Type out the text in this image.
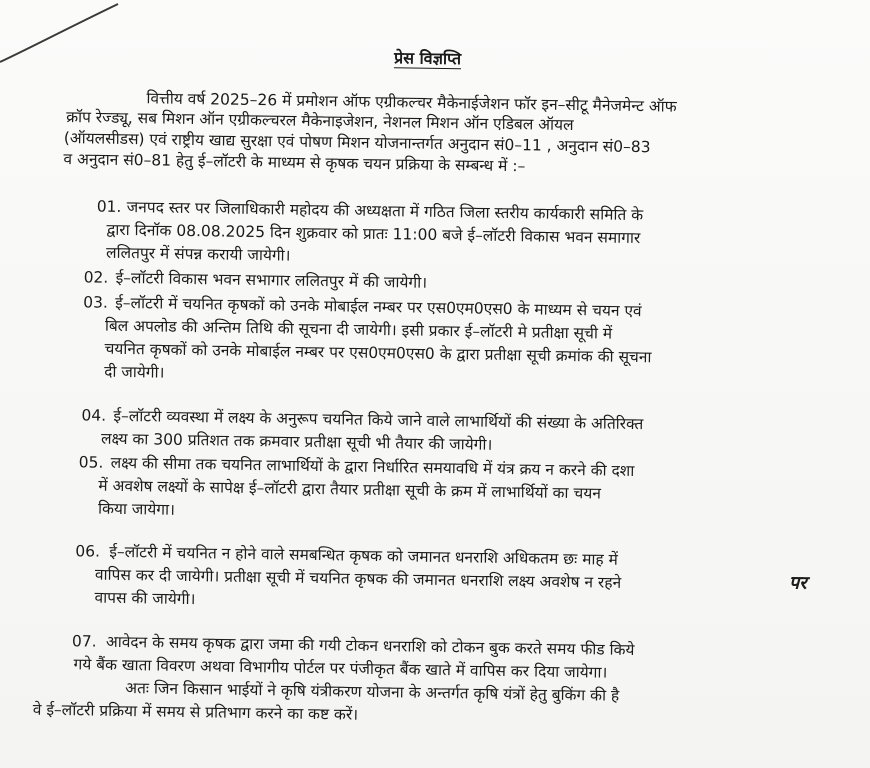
प्रेस विज्ञप्ति
वित्तीय वर्ष 2025–26 में प्रमोशन ऑफ एग्रीकल्चर मैकेनाईजेशन फॉर इन–सीटू मैनेजमेन्ट ऑफ
क्रॉप रेज्ड्यू, सब मिशन ऑन एग्रीकल्चरल मैकेनाइजेशन, नेशनल मिशन ऑन एडिबल ऑयल
(ऑयलसीडस) एवं राष्ट्रीय खाद्य सुरक्षा एवं पोषण मिशन योजनान्तर्गत अनुदान सं0–11 , अनुदान सं0–83
व अनुदान सं0–81 हेतु ई–लॉटरी के माध्यम से कृषक चयन प्रक्रिया के सम्बन्ध में :–
01. जनपद स्तर पर जिलाधिकारी महोदय की अध्यक्षता में गठित जिला स्तरीय कार्यकारी समिति के
द्वारा दिनॉक 08.08.2025 दिन शुक्रवार को प्रातः 11:00 बजे ई–लॉटरी विकास भवन समागार
ललितपुर में संपन्न करायी जायेगी।
02. ई–लॉटरी विकास भवन सभागार ललितपुर में की जायेगी।
03. ई–लॉटरी में चयनित कृषकों को उनके मोबाईल नम्बर पर एस0एम0एस0 के माध्यम से चयन एवं
बिल अपलोड की अन्तिम तिथि की सूचना दी जायेगी। इसी प्रकार ई–लॉटरी मे प्रतीक्षा सूची में
चयनित कृषकों को उनके मोबाईल नम्बर पर एस0एम0एस0 के द्वारा प्रतीक्षा सूची क्रमांक की सूचना
दी जायेगी।
04. ई–लॉटरी व्यवस्था में लक्ष्य के अनुरूप चयनित किये जाने वाले लाभार्थियों की संख्या के अतिरिक्त
लक्ष्य का 300 प्रतिशत तक क्रमवार प्रतीक्षा सूची भी तैयार की जायेगी।
05. लक्ष्य की सीमा तक चयनित लाभार्थियों के द्वारा निर्धारित समयावधि में यंत्र क्रय न करने की दशा
में अवशेष लक्ष्यों के सापेक्ष ई–लॉटरी द्वारा तैयार प्रतीक्षा सूची के क्रम में लाभार्थियों का चयन
किया जायेगा।
06. ई–लॉटरी में चयनित न होने वाले समबन्धित कृषक को जमानत धनराशि अधिकतम छः माह में
वापिस कर दी जायेगी। प्रतीक्षा सूची में चयनित कृषक की जमानत धनराशि लक्ष्य अवशेष न रहने	पर
वापस की जायेगी।
07. आवेदन के समय कृषक द्वारा जमा की गयी टोकन धनराशि को टोकन बुक करते समय फीड किये
गये बैंक खाता विवरण अथवा विभागीय पोर्टल पर पंजीकृत बैंक खाते में वापिस कर दिया जायेगा।
अतः जिन किसान भाईयों ने कृषि यंत्रीकरण योजना के अन्तर्गत कृषि यंत्रों हेतु बुकिंग की है
वे ई–लॉटरी प्रक्रिया में समय से प्रतिभाग करने का कष्ट करें।
